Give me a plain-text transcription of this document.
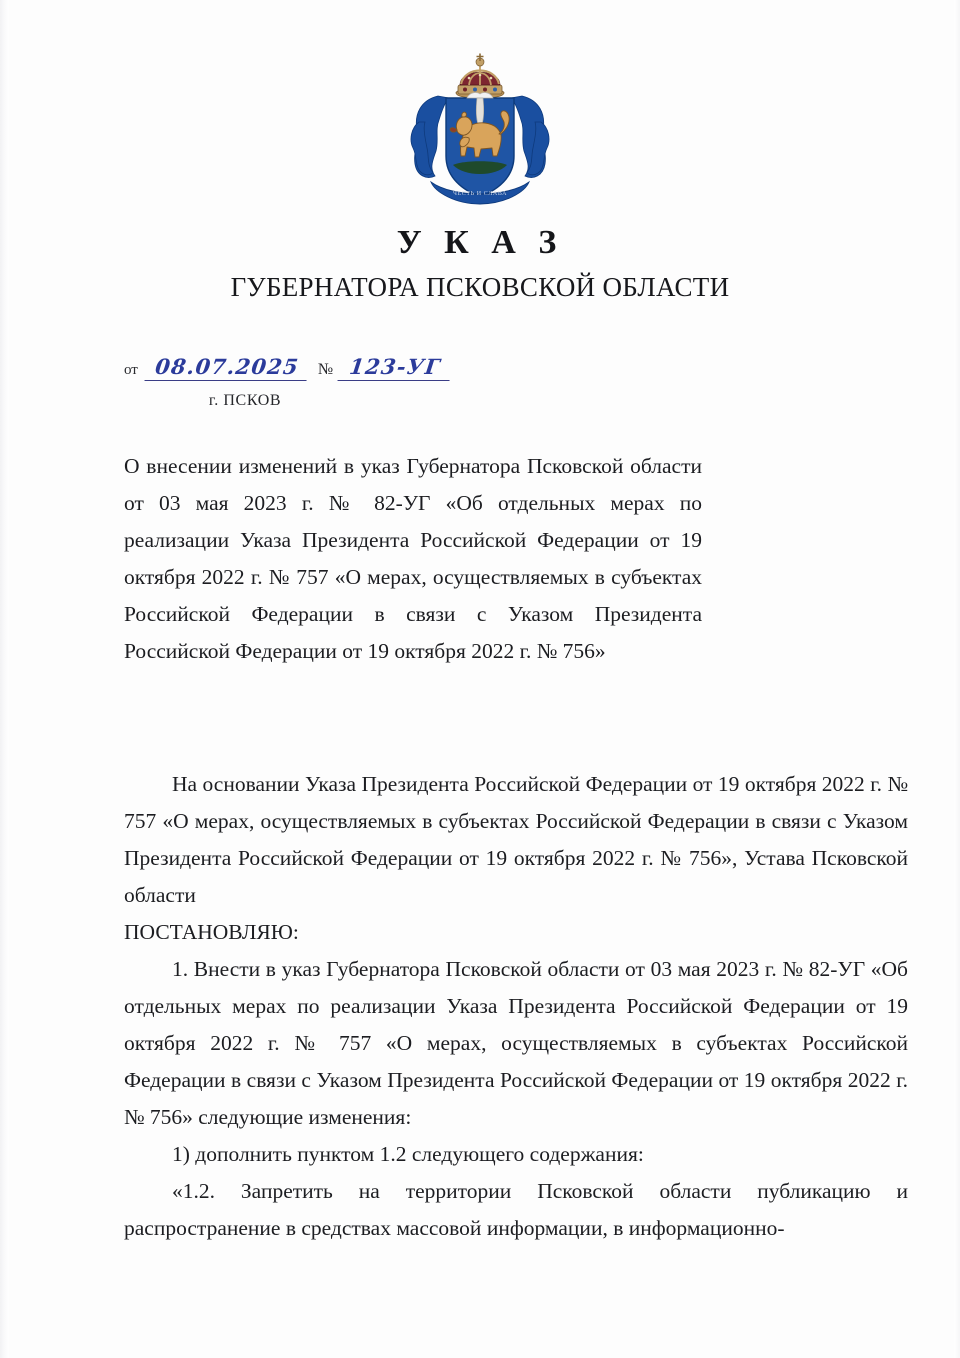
ЧЕСТЬ И СЛАВА
У К А З
ГУБЕРНАТОРА ПСКОВСКОЙ ОБЛАСТИ
от 08.07.2025	№ 123-УГ
г. ПСКОВ

О внесении изменений в указ Губернатора Псковской области от 03 мая 2023 г. № 82-УГ «Об отдельных мерах по реализации Указа Президента Российской Федерации от 19 октября 2022 г. № 757 «О мерах, осуществляемых в субъектах Российской Федерации в связи с Указом Президента Российской Федерации от 19 октября 2022 г. № 756»

На основании Указа Президента Российской Федерации от 19 октября 2022 г. № 757 «О мерах, осуществляемых в субъектах Российской Федерации в связи с Указом Президента Российской Федерации от 19 октября 2022 г. № 756», Устава Псковской области

ПОСТАНОВЛЯЮ:

1. Внести в указ Губернатора Псковской области от 03 мая 2023 г. № 82-УГ «Об отдельных мерах по реализации Указа Президента Российской Федерации от 19 октября 2022 г. № 757 «О мерах, осуществляемых в субъектах Российской Федерации в связи с Указом Президента Российской Федерации от 19 октября 2022 г. № 756» следующие изменения:

1) дополнить пунктом 1.2 следующего содержания:

«1.2. Запретить на территории Псковской области публикацию и распространение в средствах массовой информации, в информационно-
